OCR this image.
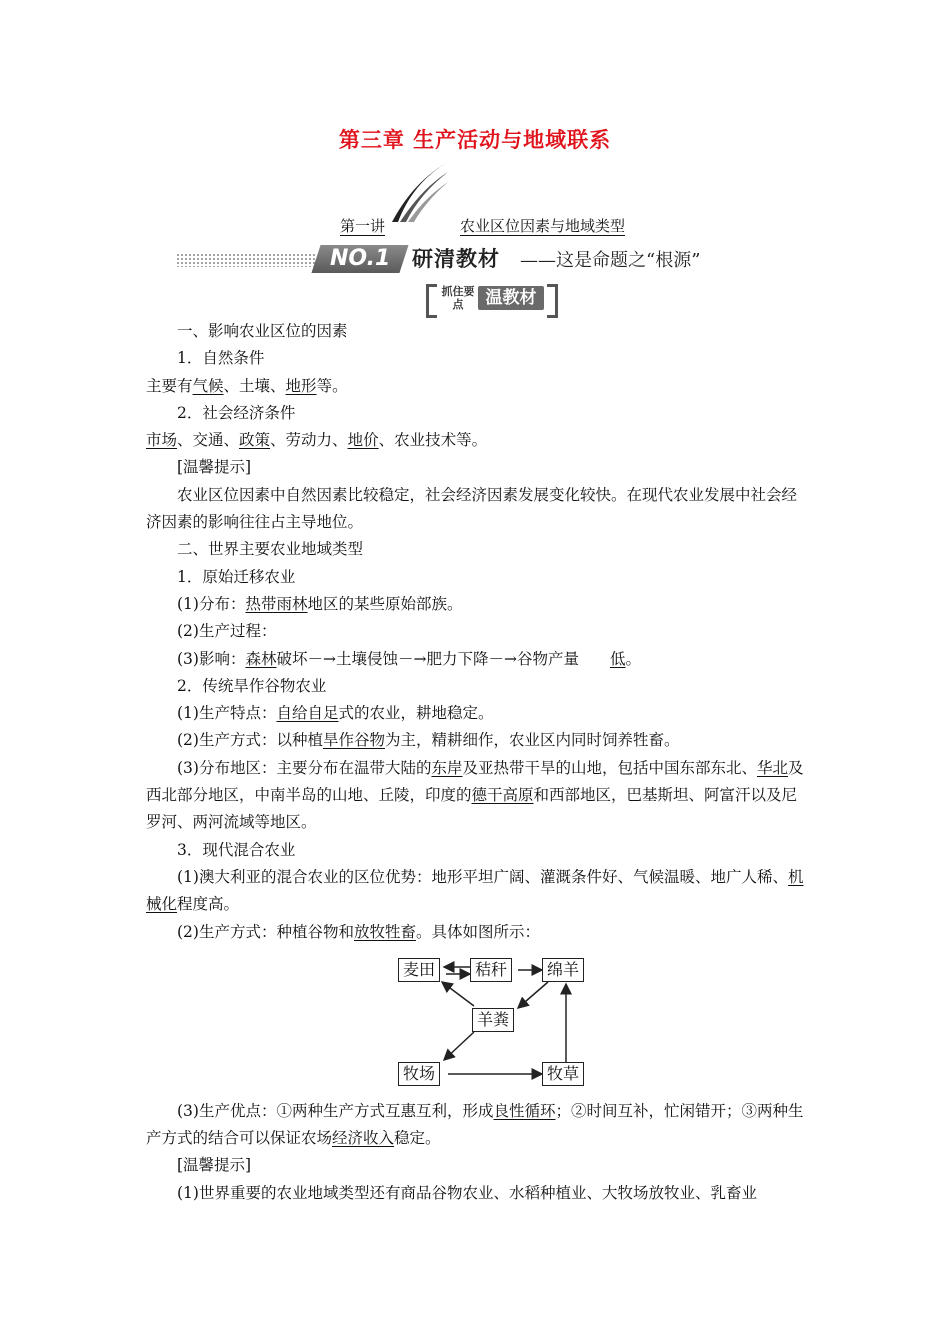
第三章 生产活动与地域联系
第一讲	农业区位因素与地域类型
NO.1	研清教材 ——这是命题之“根源”
抓住要点	温教材

一、影响农业区位的因素

1．自然条件

主要有气候、土壤、地形等。

2．社会经济条件

市场、交通、政策、劳动力、地价、农业技术等。

[温馨提示]

农业区位因素中自然因素比较稳定，社会经济因素发展变化较快。在现代农业发展中社会经济因素的影响往往占主导地位。

二、世界主要农业地域类型

1．原始迁移农业

(1)分布：热带雨林地区的某些原始部族。

(2)生产过程：

(3)影响：森林破坏－→土壤侵蚀－→肥力下降－→谷物产量 低。

2．传统旱作谷物农业

(1)生产特点：自给自足式的农业，耕地稳定。

(2)生产方式：以种植旱作谷物为主，精耕细作，农业区内同时饲养牲畜。

(3)分布地区：主要分布在温带大陆的东岸及亚热带干旱的山地，包括中国东部东北、华北及西北部分地区，中南半岛的山地、丘陵，印度的德干高原和西部地区，巴基斯坦、阿富汗以及尼罗河、两河流域等地区。

3．现代混合农业

(1)澳大利亚的混合农业的区位优势：地形平坦广阔、灌溉条件好、气候温暖、地广人稀、机械化程度高。

(2)生产方式：种植谷物和放牧牲畜。具体如图所示：

麦田	秸秆	绵羊
羊粪
牧场	牧草

(3)生产优点：①两种生产方式互惠互利，形成良性循环；②时间互补，忙闲错开；③两种生产方式的结合可以保证农场经济收入稳定。

[温馨提示]

(1)世界重要的农业地域类型还有商品谷物农业、水稻种植业、大牧场放牧业、乳畜业
